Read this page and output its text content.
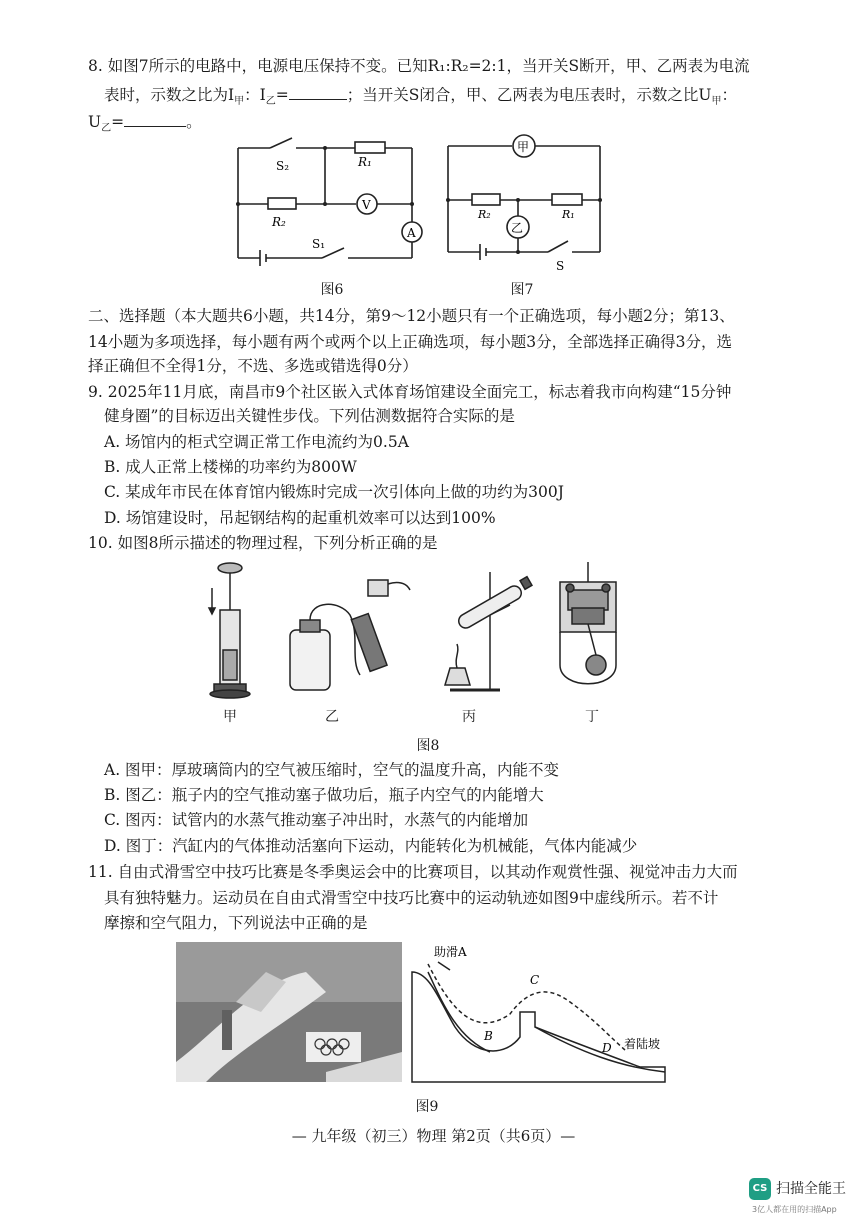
8. 如图7所示的电路中，电源电压保持不变。已知R₁:R₂=2:1，当开关S断开，甲、乙两表为电流
表时，示数之比为$I_甲$：$I_乙=$	；当开关S闭合，甲、乙两表为电压表时，示数之比$U_甲$：
$U_乙=$	。
S₂	R₁
R₂
S₁
V
A
图6
甲
乙
R₂	R₁
S
图7
二、选择题（本大题共6小题，共14分，第9～12小题只有一个正确选项，每小题2分；第13、
14小题为多项选择，每小题有两个或两个以上正确选项，每小题3分，全部选择正确得3分，选
择正确但不全得1分，不选、多选或错选得0分）
9. 2025年11月底，南昌市9个社区嵌入式体育场馆建设全面完工，标志着我市向构建“15分钟
健身圈”的目标迈出关键性步伐。下列估测数据符合实际的是
A. 场馆内的柜式空调正常工作电流约为0.5A
B. 成人正常上楼梯的功率约为800W
C. 某成年市民在体育馆内锻炼时完成一次引体向上做的功约为300J
D. 场馆建设时，吊起钢结构的起重机效率可以达到100%
10. 如图8所示描述的物理过程，下列分析正确的是
甲	乙	丙	丁
图8
A. 图甲：厚玻璃筒内的空气被压缩时，空气的温度升高，内能不变
B. 图乙：瓶子内的空气推动塞子做功后，瓶子内空气的内能增大
C. 图丙：试管内的水蒸气推动塞子冲出时，水蒸气的内能增加
D. 图丁：汽缸内的气体推动活塞向下运动，内能转化为机械能，气体内能减少
11. 自由式滑雪空中技巧比赛是冬季奥运会中的比赛项目，以其动作观赏性强、视觉冲击力大而
具有独特魅力。运动员在自由式滑雪空中技巧比赛中的运动轨迹如图9中虚线所示。若不计
摩擦和空气阻力，下列说法中正确的是
助滑A
B
C
D 着陆坡
图9
— 九年级（初三）物理 第2页（共6页）—
CS 扫描全能王
3亿人都在用的扫描App
